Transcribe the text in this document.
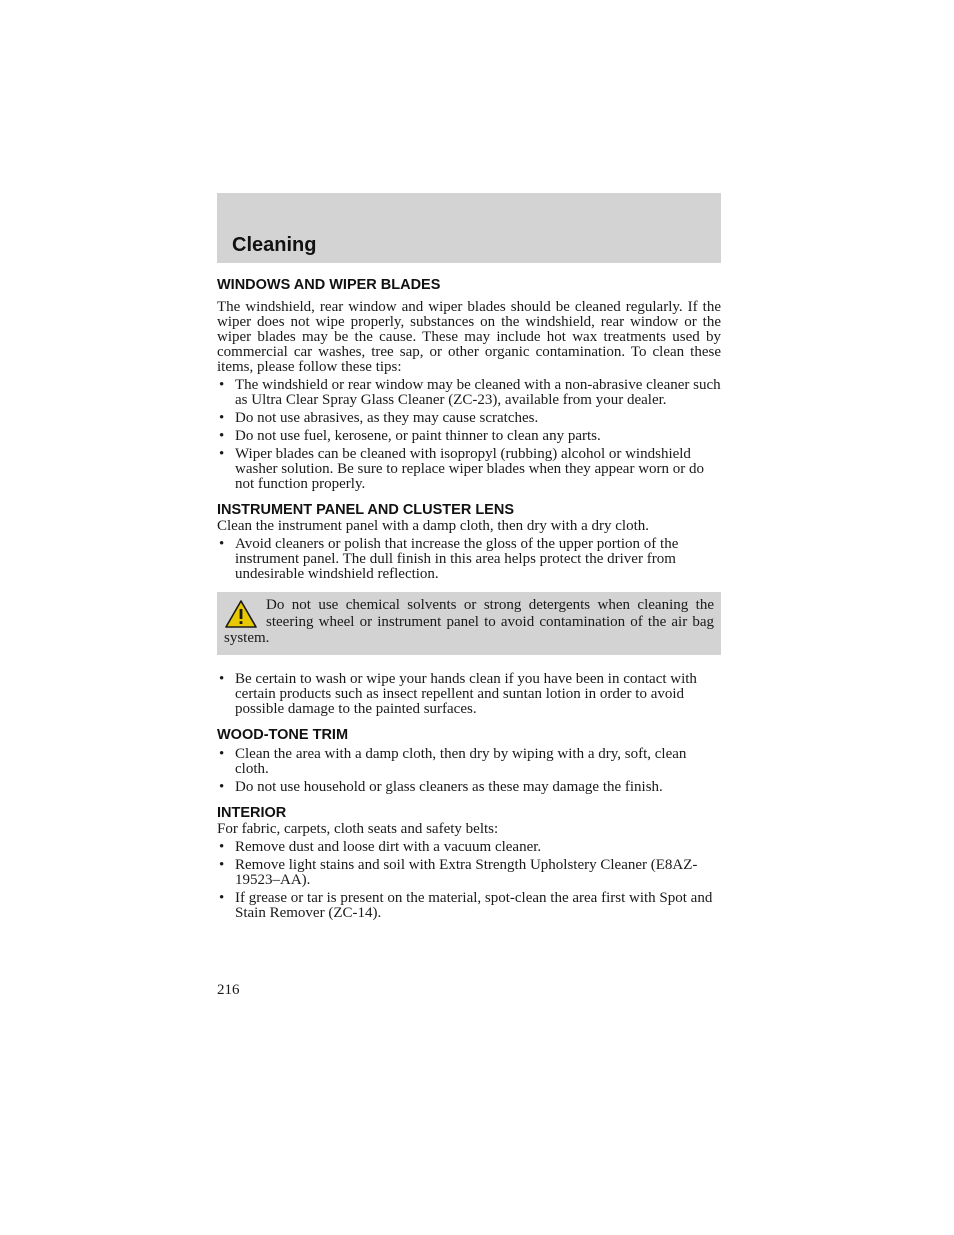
Cleaning
WINDOWS AND WIPER BLADES

The windshield, rear window and wiper blades should be cleaned regularly. If the wiper does not wipe properly, substances on the windshield, rear window or the wiper blades may be the cause. These may include hot wax treatments used by commercial car washes, tree sap, or other organic contamination. To clean these items, please follow these tips:

• The windshield or rear window may be cleaned with a non-abrasive cleaner such as Ultra Clear Spray Glass Cleaner (ZC-23), available from your dealer.
• Do not use abrasives, as they may cause scratches.
• Do not use fuel, kerosene, or paint thinner to clean any parts.
• Wiper blades can be cleaned with isopropyl (rubbing) alcohol or windshield washer solution. Be sure to replace wiper blades when they appear worn or do not function properly.
INSTRUMENT PANEL AND CLUSTER LENS

Clean the instrument panel with a damp cloth, then dry with a dry cloth.

• Avoid cleaners or polish that increase the gloss of the upper portion of the instrument panel. The dull finish in this area helps protect the driver from undesirable windshield reflection.
Do not use chemical solvents or strong detergents when cleaning the steering wheel or instrument panel to avoid contamination of the air bag system.
• Be certain to wash or wipe your hands clean if you have been in contact with certain products such as insect repellent and suntan lotion in order to avoid possible damage to the painted surfaces.
WOOD-TONE TRIM
• Clean the area with a damp cloth, then dry by wiping with a dry, soft, clean cloth.
• Do not use household or glass cleaners as these may damage the finish.
INTERIOR

For fabric, carpets, cloth seats and safety belts:

• Remove dust and loose dirt with a vacuum cleaner.
• Remove light stains and soil with Extra Strength Upholstery Cleaner (E8AZ-19523–AA).
• If grease or tar is present on the material, spot-clean the area first with Spot and Stain Remover (ZC-14).
216
